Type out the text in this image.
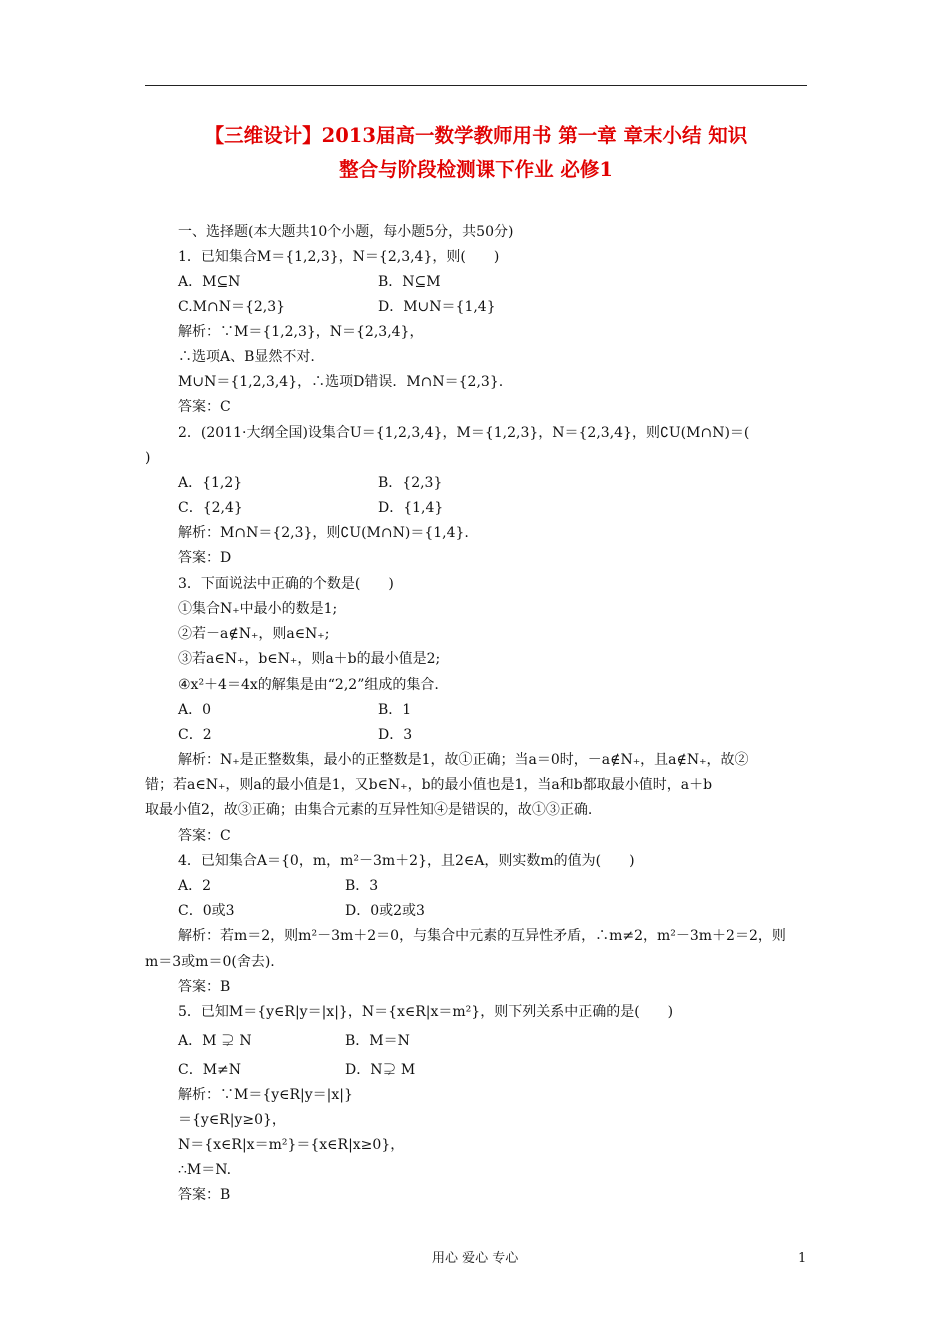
【三维设计】2013届高一数学教师用书 第一章 章末小结 知识
整合与阶段检测课下作业 必修1
一、选择题(本大题共10个小题，每小题5分，共50分)
1．已知集合M＝{1,2,3}，N＝{2,3,4}，则(　　)
A．M⊆N	B．N⊆M
C.M∩N＝{2,3}	D．M∪N＝{1,4}
解析：∵M＝{1,2,3}，N＝{2,3,4}，
∴选项A、B显然不对.
M∪N＝{1,2,3,4}，∴选项D错误．M∩N＝{2,3}.
答案：C
2．(2011·大纲全国)设集合U＝{1,2,3,4}，M＝{1,2,3}，N＝{2,3,4}，则∁U(M∩N)＝(
)
A．{1,2}	B．{2,3}
C．{2,4}	D．{1,4}
解析：M∩N＝{2,3}，则∁U(M∩N)＝{1,4}.
答案：D
3．下面说法中正确的个数是(　　)
①集合N₊中最小的数是1;
②若－a∉N₊，则a∈N₊;
③若a∈N₊，b∈N₊，则a＋b的最小值是2;
④x²＋4＝4x的解集是由“2,2”组成的集合.
A．0	B．1
C．2	D．3
解析：N₊是正整数集，最小的正整数是1，故①正确；当a＝0时，－a∉N₊，且a∉N₊，故②
错；若a∈N₊，则a的最小值是1，又b∈N₊，b的最小值也是1，当a和b都取最小值时，a＋b
取最小值2，故③正确；由集合元素的互异性知④是错误的，故①③正确.
答案：C
4．已知集合A＝{0，m，m²－3m＋2}，且2∈A，则实数m的值为(　　)
A．2	B．3
C．0或3	D．0或2或3
解析：若m＝2，则m²－3m＋2＝0，与集合中元素的互异性矛盾，∴m≠2，m²－3m＋2＝2，则
m＝3或m＝0(舍去).
答案：B
5．已知M＝{y∈R|y＝|x|}，N＝{x∈R|x＝m²}，则下列关系中正确的是(　　)
A．M ⊋ N	B．M＝N
C．M≠N	D．N⊋ M
解析：∵M＝{y∈R|y＝|x|}
＝{y∈R|y≥0}，
N＝{x∈R|x＝m²}＝{x∈R|x≥0}，
∴M＝N.
答案：B
用心 爱心 专心	1
